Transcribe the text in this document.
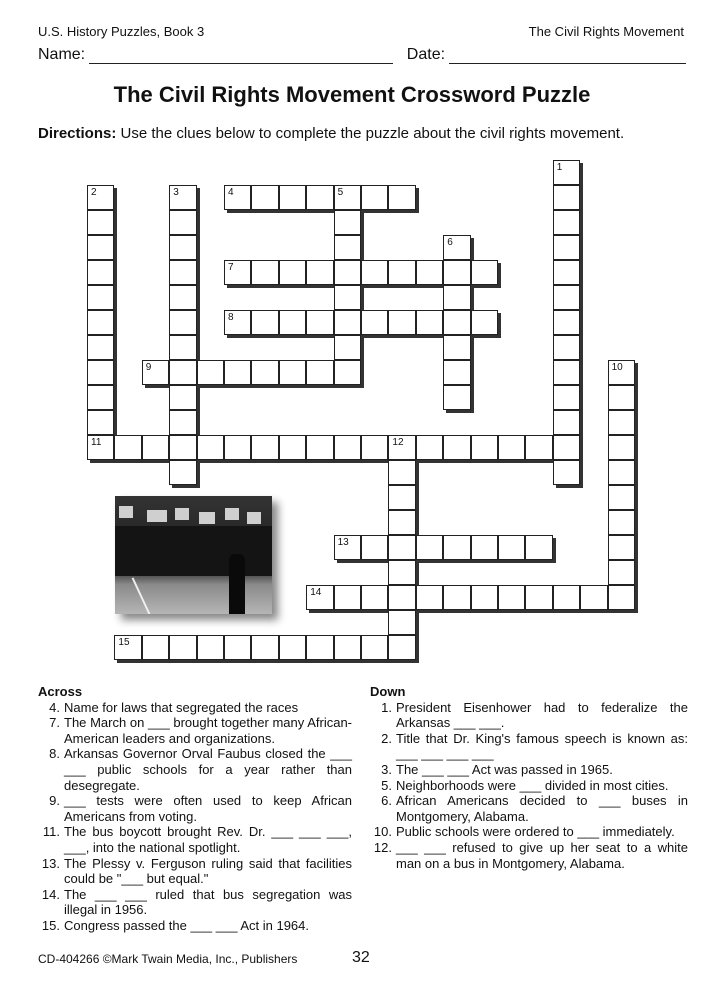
U.S. History Puzzles, Book 3	The Civil Rights Movement
Name:	Date:
The Civil Rights Movement Crossword Puzzle
Directions: Use the clues below to complete the puzzle about the civil rights movement.
1
2
11
3	4	5
6
7
8
9	10
12
13
14
15
Across
4. Name for laws that segregated the races
7. The March on ___ brought together many African-American leaders and organizations.
8. Arkansas Governor Orval Faubus closed the ___ ___ public schools for a year rather than desegregate.
9. ___ tests were often used to keep African Americans from voting.
11. The bus boycott brought Rev. Dr. ___ ___ ___, ___, into the national spotlight.
13. The Plessy v. Ferguson ruling said that facilities could be "___ but equal."
14. The ___ ___ ruled that bus segregation was illegal in 1956.
15. Congress passed the ___ ___ Act in 1964.
Down
1. President Eisenhower had to federalize the Arkansas ___ ___.
2. Title that Dr. King's famous speech is known as: ___ ___ ___ ___
3. The ___ ___ Act was passed in 1965.
5. Neighborhoods were ___ divided in most cities.
6. African Americans decided to ___ buses in Montgomery, Alabama.
10. Public schools were ordered to ___ immediately.
12. ___ ___ refused to give up her seat to a white man on a bus in Montgomery, Alabama.
CD-404266 ©Mark Twain Media, Inc., Publishers	32
